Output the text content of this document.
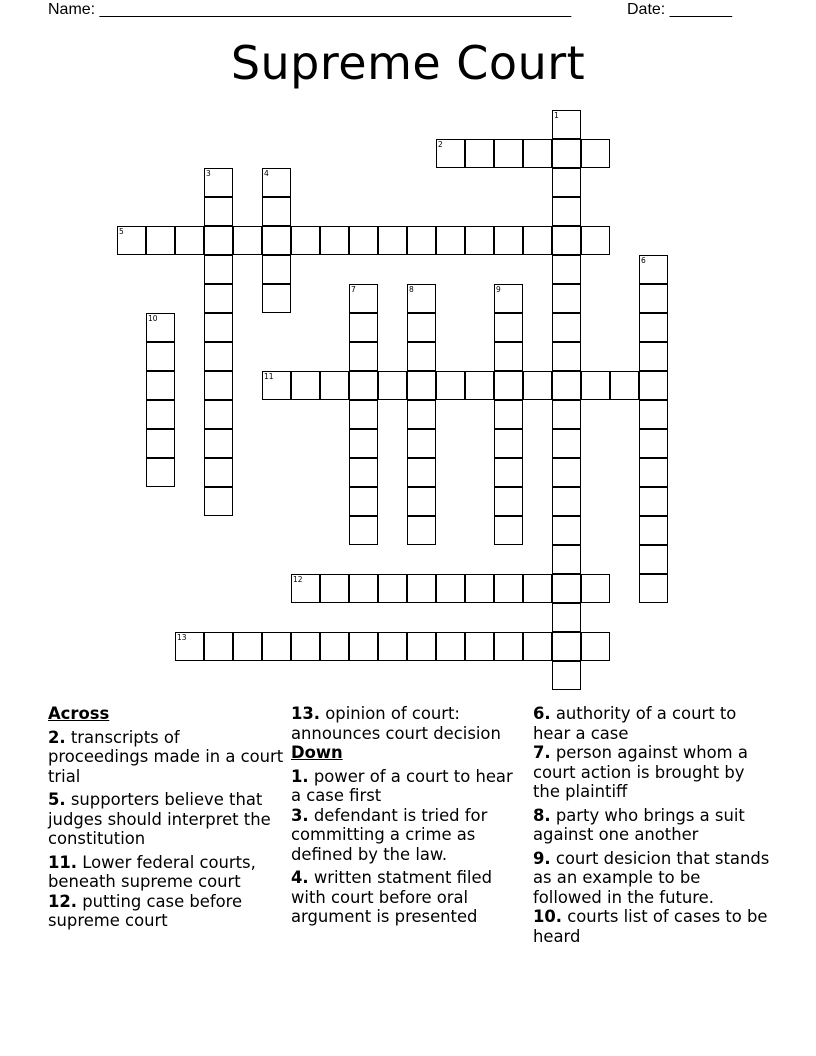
Name: _____________________________________________________	Date: _______
Supreme Court
1
2
3	4
5
6
7	8	9
10
11
12
13
Across
2. transcripts of proceedings made in a court trial
5. supporters believe that judges should interpret the constitution
11. Lower federal courts, beneath supreme court
12. putting case before supreme court
13. opinion of court: announces court decision
Down
1. power of a court to hear a case first
3. defendant is tried for committing a crime as defined by the law.
4. written statment filed with court before oral argument is presented
6. authority of a court to hear a case
7. person against whom a court action is brought by the plaintiff
8. party who brings a suit against one another
9. court desicion that stands as an example to be followed in the future.
10. courts list of cases to be heard
